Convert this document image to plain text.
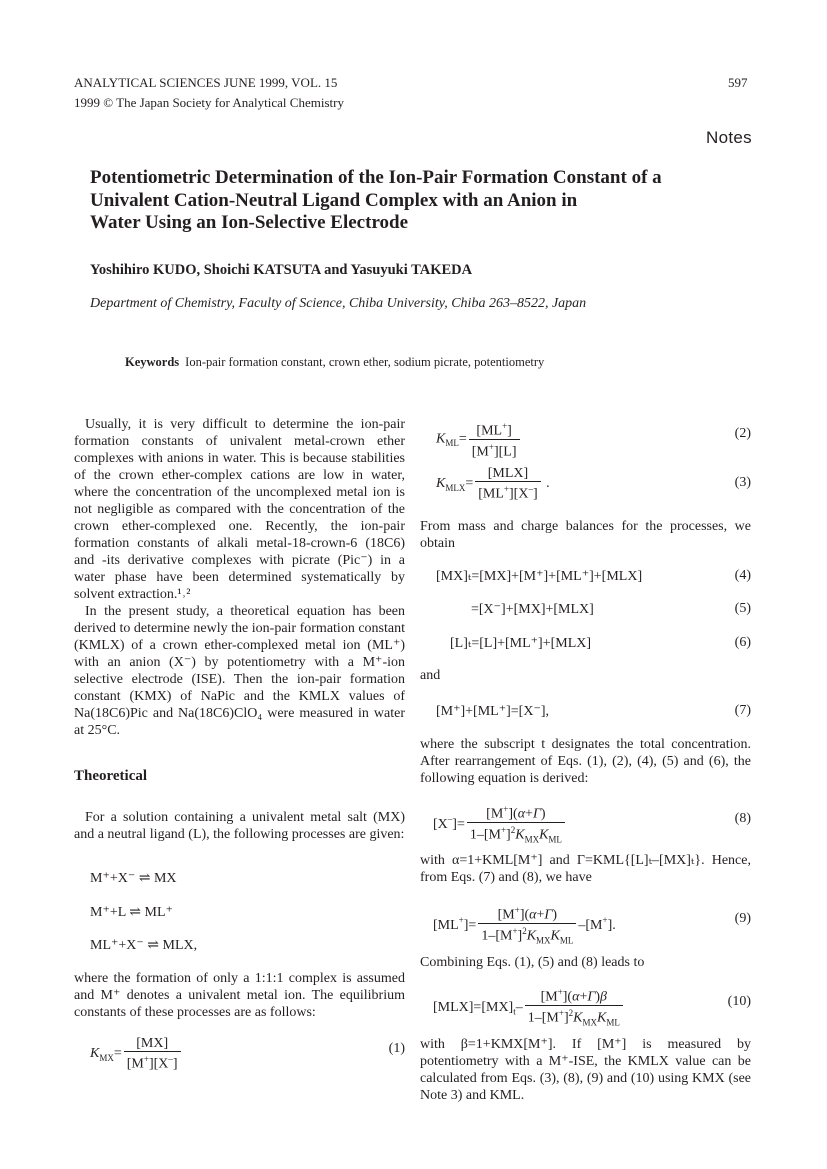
ANALYTICAL SCIENCES JUNE 1999, VOL. 15
1999 © The Japan Society for Analytical Chemistry
597
Notes
Potentiometric Determination of the Ion-Pair Formation Constant of a
Univalent Cation-Neutral Ligand Complex with an Anion in
Water Using an Ion-Selective Electrode
Yoshihiro KUDO, Shoichi KATSUTA and Yasuyuki TAKEDA
Department of Chemistry, Faculty of Science, Chiba University, Chiba 263–8522, Japan
Keywords Ion-pair formation constant, crown ether, sodium picrate, potentiometry

Usually, it is very difficult to determine the ion-pair formation constants of univalent metal-crown ether complexes with anions in water. This is because stabilities of the crown ether-complex cations are low in water, where the concentration of the uncomplexed metal ion is not negligible as compared with the concentration of the crown ether-complexed one. Recently, the ion-pair formation constants of alkali metal-18-crown-6 (18C6) and -its derivative complexes with picrate (Pic⁻) in a water phase have been determined systematically by solvent extraction.¹˒²

In the present study, a theoretical equation has been derived to determine newly the ion-pair formation constant (KMLX) of a crown ether-complexed metal ion (ML⁺) with an anion (X⁻) by potentiometry with a M⁺-ion selective electrode (ISE). Then the ion-pair formation constant (KMX) of NaPic and the KMLX values of Na(18C6)Pic and Na(18C6)ClO₄ were measured in water at 25°C.

Theoretical

For a solution containing a univalent metal salt (MX) and a neutral ligand (L), the following processes are given:

M⁺+X⁻ ⇌ MX
M⁺+L ⇌ ML⁺
ML⁺+X⁻ ⇌ MLX,

where the formation of only a 1:1:1 complex is assumed and M⁺ denotes a univalent metal ion. The equilibrium constants of these processes are as follows:

$K_{MX}= \frac{[MX]}{[M^+][X^-]}$	(1)
$K_{ML}= \frac{[ML^+]}{[M^+][L]}$	(2)
$K_{MLX}= \frac{\text{[MLX]}}{[ML^+][X^-]}$ .	(3)

From mass and charge balances for the processes, we obtain

[MX]ₜ=[MX]+[M⁺]+[ML⁺]+[MLX]	(4)
=[X⁻]+[MX]+[MLX]	(5)
[L]ₜ=[L]+[ML⁺]+[MLX]	(6)
and
[M⁺]+[ML⁺]=[X⁻],	(7)

where the subscript t designates the total concentration. After rearrangement of Eqs. (1), (2), (4), (5) and (6), the following equation is derived:

$[X^-]= \frac{[M^+](\alpha+\Gamma)}{1-[M^+]^2K_{MX}K_{ML}}$	(8)

with α=1+KML[M⁺] and Γ=KML{[L]ₜ–[MX]ₜ}. Hence, from Eqs. (7) and (8), we have

$[ML^+]= \frac{[M^+](\alpha+\Gamma)}{1-[M^+]^2K_{MX}K_{ML}} -[M^+]$.	(9)

Combining Eqs. (1), (5) and (8) leads to

$[MLX]=[MX]_t- \frac{[M^+](\alpha+\Gamma)\beta}{1-[M^+]^2K_{MX}K_{ML}}$	(10)

with β=1+KMX[M⁺]. If [M⁺] is measured by potentiometry with a M⁺-ISE, the KMLX value can be calculated from Eqs. (3), (8), (9) and (10) using KMX (see Note 3) and KML.
